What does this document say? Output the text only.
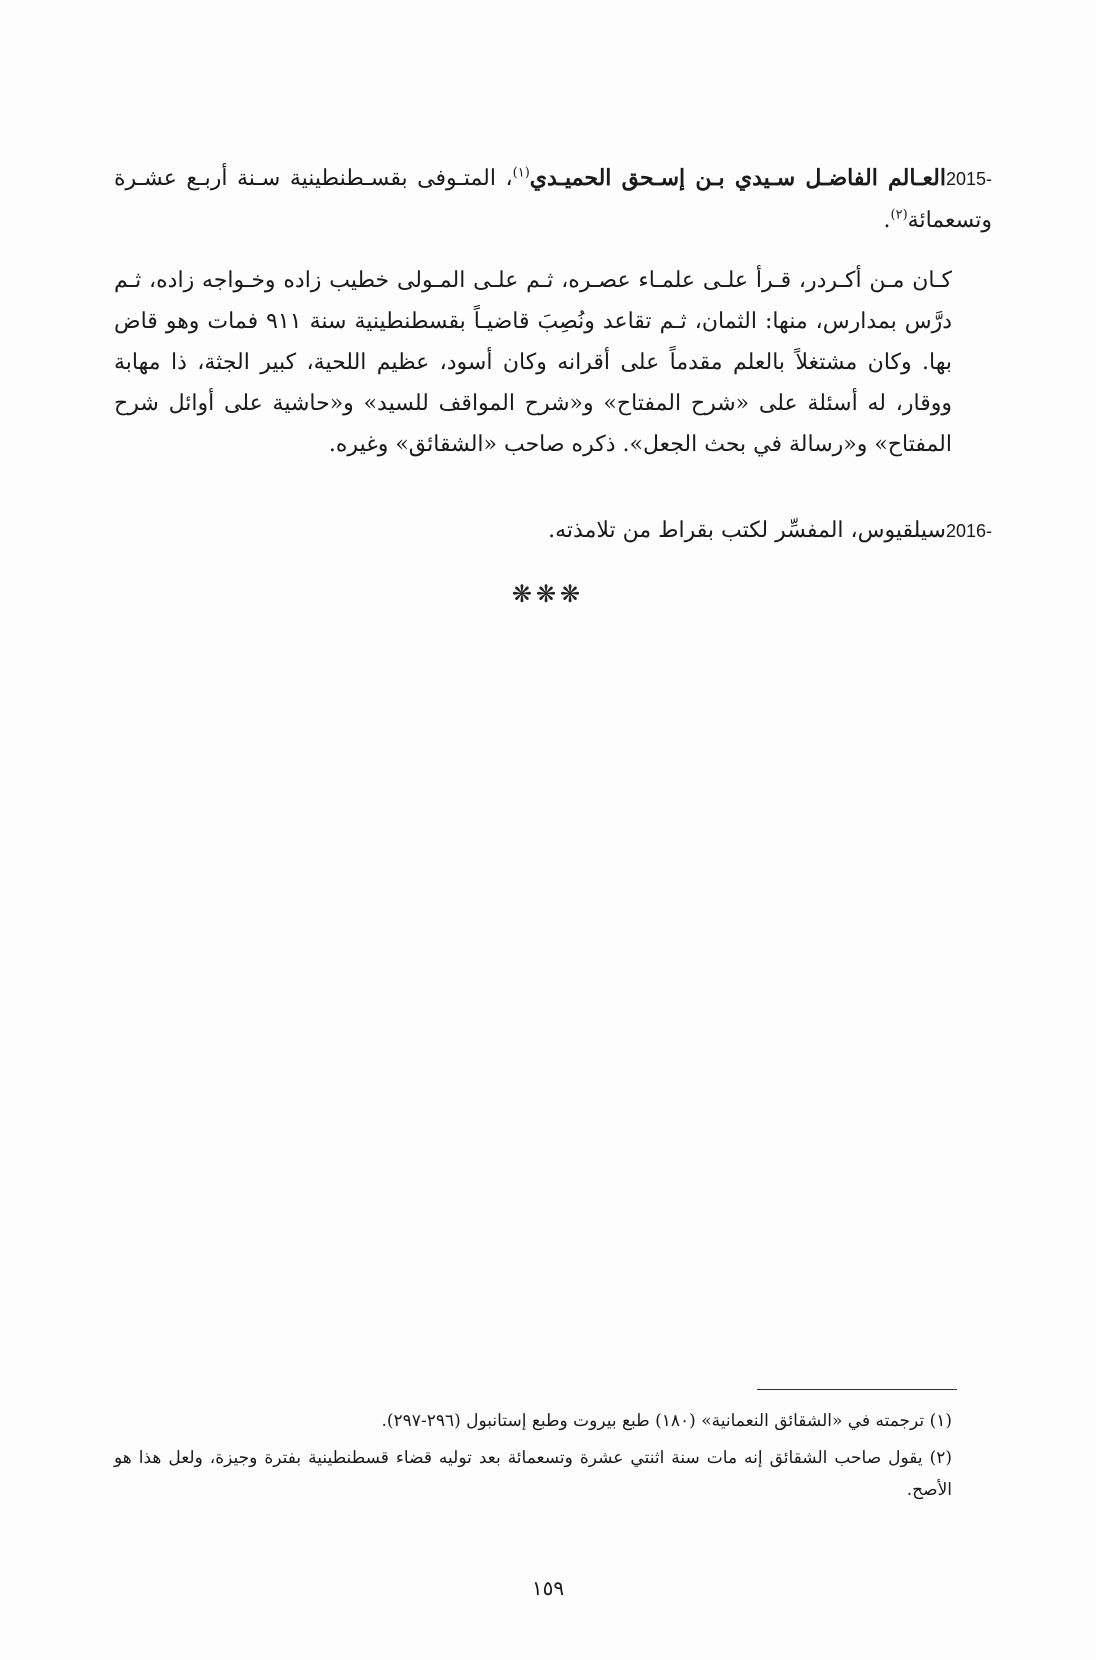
2015-العـالم الفاضـل سـيدي بـن إسـحق الحميـدي$^{(١)}$، المتـوفى بقسـطنطينية سـنة أربـع عشـرة وتسعمائة$^{(٢)}$.
كـان مـن أكـردر، قـرأ علـى علمـاء عصـره، ثـم علـى المـولى خطيب زاده وخـواجه زاده، ثـم درَّس بمدارس، منها: الثمان، ثـم تقاعد ونُصِبَ قاضيـاً بقسطنطينية سنة ٩١١ فمات وهو قاض بها. وكان مشتغلاً بالعلم مقدماً على أقرانه وكان أسود، عظيم اللحية، كبير الجثة، ذا مهابة ووقار، له أسئلة على «شرح المفتاح» و«شرح المواقف للسيد» و«حاشية على أوائل شرح المفتاح» و«رسالة في بحث الجعل». ذكره صاحب «الشقائق» وغيره.
2016-سيلقيوس، المفسِّر لكتب بقراط من تلامذته.
❋❋❋
(١) ترجمته في «الشقائق النعمانية» (١٨٠) طبع بيروت وطبع إستانبول (٢٩٦-٢٩٧).
(٢) يقول صاحب الشقائق إنه مات سنة اثنتي عشرة وتسعمائة بعد توليه قضاء قسطنطينية بفترة وجيزة، ولعل هذا هو الأصح.
١٥٩
